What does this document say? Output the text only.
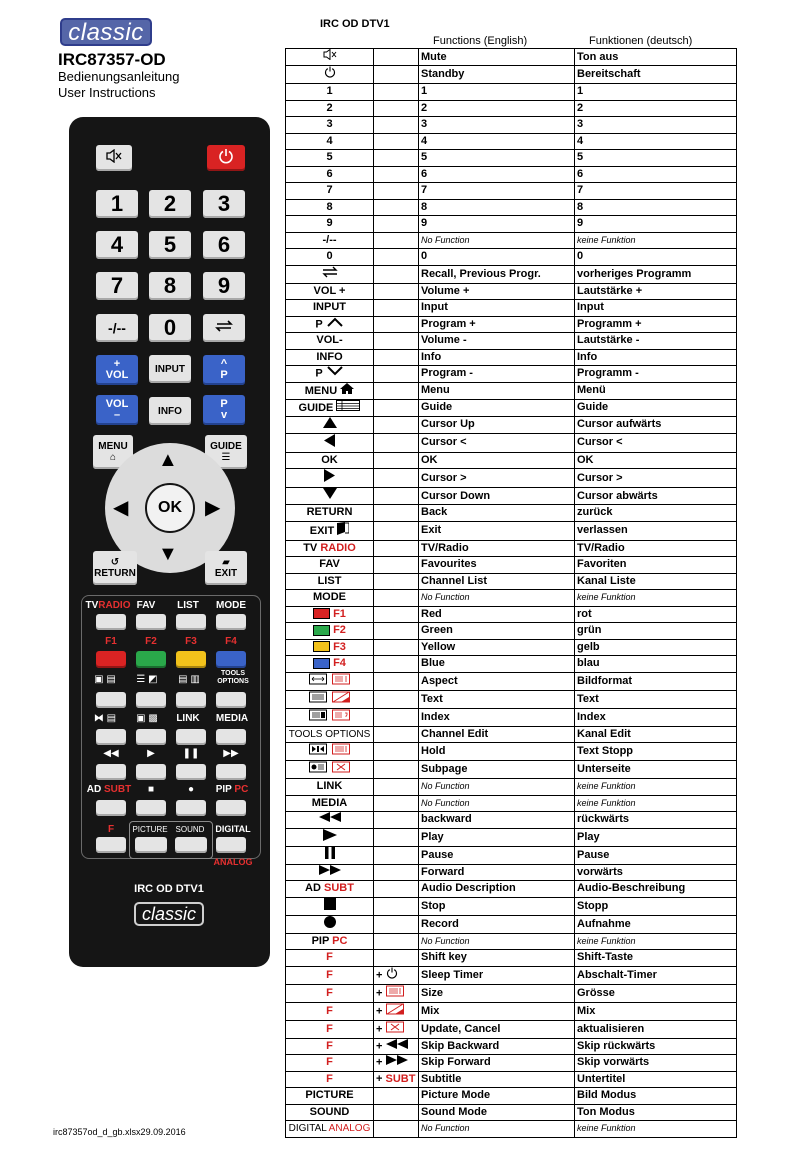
classic
IRC87357-OD
Bedienungsanleitung
User Instructions
1	2	3
4	5	6
7	8	9
-/--	0
+
VOL	INPUT	^
P
VOL
–	INFO
P
v
MENU
⌂
GUIDE
☰
▲
▼
◀	▶
OK
↺
RETURN
▰
EXIT
TVRADIO FAV	LIST	MODE
F1	F2	F3	F4
▣ ▤	☰ ◩	▤ ▥
TOOLS
OPTIONS
⧓ ▤	▣ ▩	LINK	MEDIA
◀◀	▶	❚❚	▶▶
AD SUBT	■	●	PIP PC
F	PICTURE SOUND	DIGITAL
ANALOG
IRC OD DTV1
classic
IRC OD DTV1
Functions (English)	Funktionen (deutsch)
		Mute	Ton aus
		Standby	Bereitschaft
1		1	1
2		2	2
3		3	3
4		4	4
5		5	5
6		6	6
7		7	7
8		8	8
9		9	9
-/--		No Function	keine Funktion
0		0	0
		Recall, Previous Progr.	vorheriges Programm
VOL +		Volume +	Lautstärke +
INPUT		Input	Input
P		Program +	Programm +
VOL-		Volume -	Lautstärke -
INFO		Info	Info
P		Program -	Programm -
MENU		Menu	Menü
GUIDE		Guide	Guide
		Cursor Up	Cursor aufwärts
		Cursor <	Cursor <
OK		OK	OK
		Cursor >	Cursor >
		Cursor Down	Cursor abwärts
RETURN		Back	zurück
EXIT		Exit	verlassen
TV RADIO		TV/Radio	TV/Radio
FAV		Favourites	Favoriten
LIST		Channel List	Kanal Liste
MODE		No Function	keine Funktion
F1		Red	rot
F2		Green	grün
F3		Yellow	gelb
F4		Blue	blau
		Aspect	Bildformat
		Text	Text
		Index	Index
TOOLS OPTIONS		Channel Edit	Kanal Edit
		Hold	Text Stopp
		Subpage	Unterseite
LINK		No Function	keine Funktion
MEDIA		No Function	keine Funktion
		backward	rückwärts
		Play	Play
		Pause	Pause
		Forward	vorwärts
AD SUBT		Audio Description	Audio-Beschreibung
		Stop	Stopp
		Record	Aufnahme
PIP PC		No Function	keine Funktion
F		Shift key	Shift-Taste
F	+	Sleep Timer	Abschalt-Timer
F	+	Size	Grösse
F	+	Mix	Mix
F	+	Update, Cancel	aktualisieren
F	+	Skip Backward	Skip rückwärts
F	+	Skip Forward	Skip vorwärts
F	+ SUBT	Subtitle	Untertitel
PICTURE		Picture Mode	Bild Modus
SOUND		Sound Mode	Ton Modus
DIGITAL ANALOG		No Function	keine Funktion
irc87357od_d_gb.xlsx29.09.2016
